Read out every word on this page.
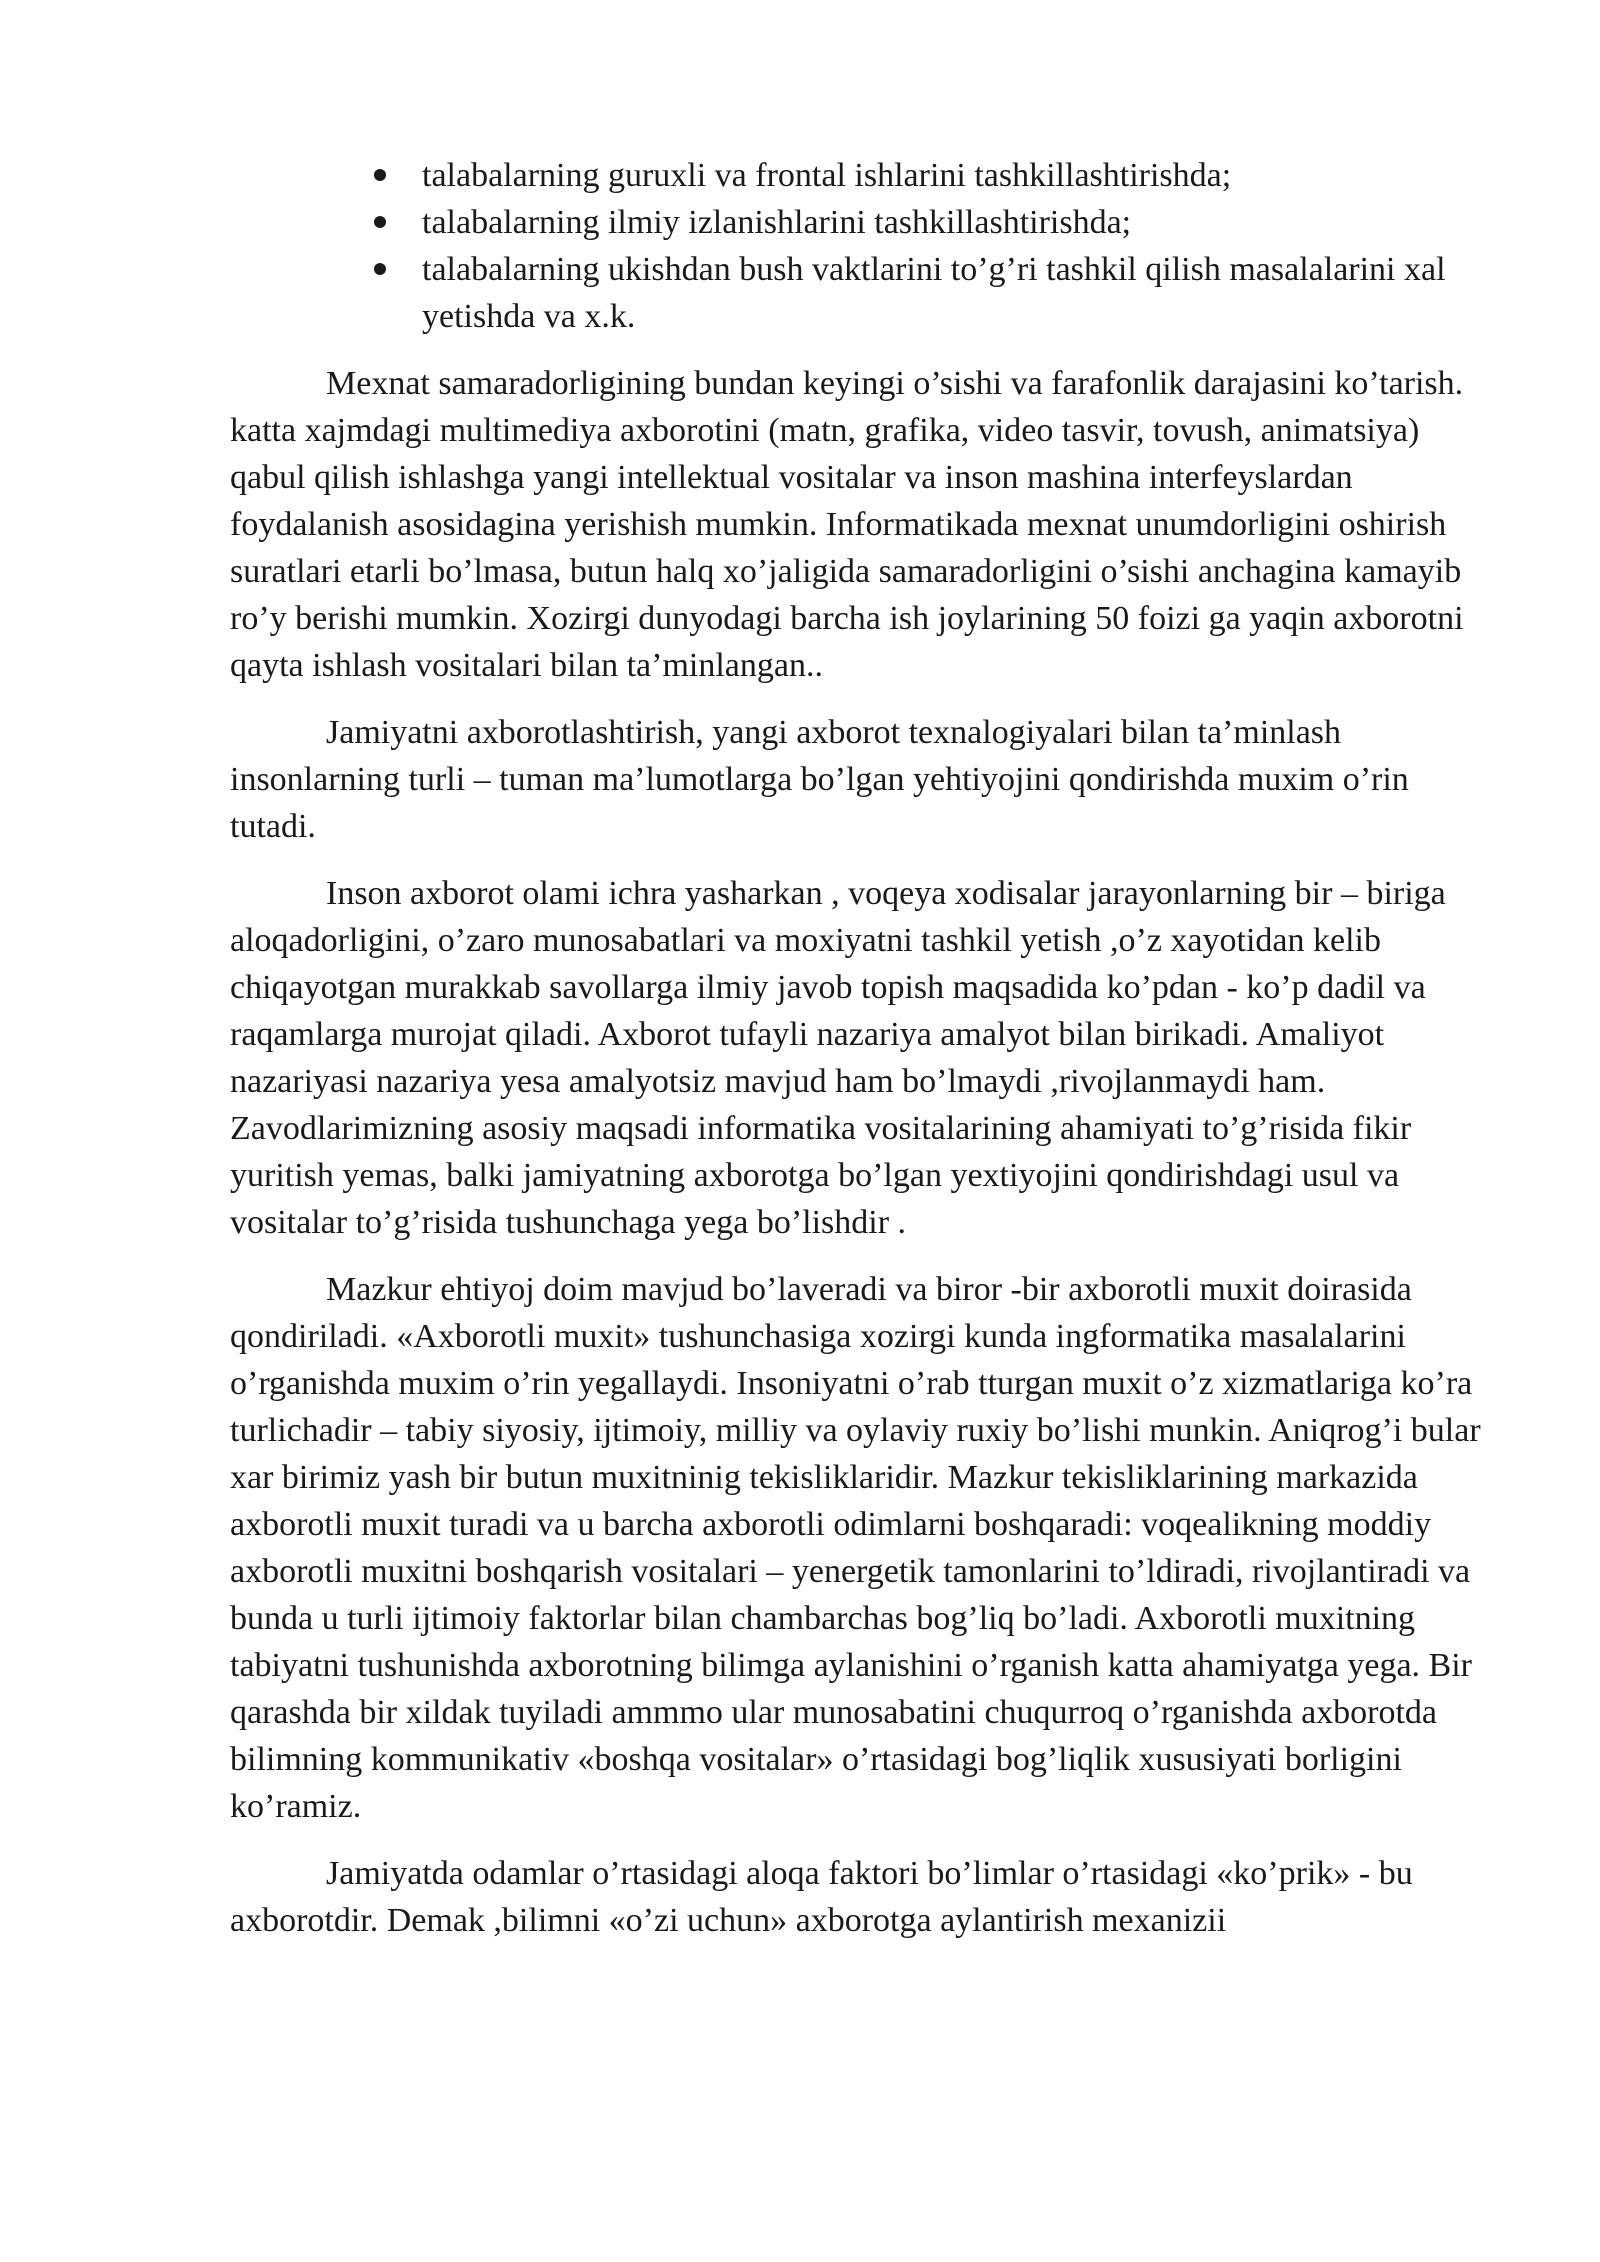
talabalarning guruxli va frontal ishlarini tashkillashtirishda;
talabalarning ilmiy izlanishlarini tashkillashtirishda;
talabalarning ukishdan bush vaktlarini to’g’ri tashkil qilish masalalarini xal yetishda va x.k.

Mexnat samaradorligining bundan keyingi o’sishi va farafonlik darajasini ko’tarish. katta xajmdagi multimediya axborotini (matn, grafika, video tasvir, tovush, animatsiya) qabul qilish ishlashga yangi intellektual vositalar va inson mashina interfeyslardan foydalanish asosidagina yerishish mumkin. Informatikada mexnat unumdorligini oshirish suratlari etarli bo’lmasa, butun halq xo’jaligida samaradorligini o’sishi anchagina kamayib ro’y berishi mumkin. Xozirgi dunyodagi barcha ish joylarining 50 foizi ga yaqin axborotni qayta ishlash vositalari bilan ta’minlangan..

Jamiyatni axborotlashtirish, yangi axborot texnalogiyalari bilan ta’minlash insonlarning turli – tuman ma’lumotlarga bo’lgan yehtiyojini qondirishda muxim o’rin tutadi.

Inson axborot olami ichra yasharkan , voqeya xodisalar jarayonlarning bir – biriga aloqadorligini, o’zaro munosabatlari va moxiyatni tashkil yetish ,o’z xayotidan kelib chiqayotgan murakkab savollarga ilmiy javob topish maqsadida ko’pdan - ko’p dadil va raqamlarga murojat qiladi. Axborot tufayli nazariya amalyot bilan birikadi. Amaliyot nazariyasi nazariya yesa amalyotsiz mavjud ham bo’lmaydi ,rivojlanmaydi ham. Zavodlarimizning asosiy maqsadi informatika vositalarining ahamiyati to’g’risida fikir yuritish yemas, balki jamiyatning axborotga bo’lgan yextiyojini qondirishdagi usul va vositalar to’g’risida tushunchaga yega bo’lishdir .

Mazkur ehtiyoj doim mavjud bo’laveradi va biror -bir axborotli muxit doirasida qondiriladi. «Axborotli muxit» tushunchasiga xozirgi kunda ingformatika masalalarini o’rganishda muxim o’rin yegallaydi. Insoniyatni o’rab tturgan muxit o’z xizmatlariga ko’ra turlichadir – tabiy siyosiy, ijtimoiy, milliy va oylaviy ruxiy bo’lishi munkin. Aniqrog’i bular xar birimiz yash bir butun muxitninig tekisliklaridir. Mazkur tekisliklarining markazida axborotli muxit turadi va u barcha axborotli odimlarni boshqaradi: voqealikning moddiy axborotli muxitni boshqarish vositalari – yenergetik tamonlarini to’ldiradi, rivojlantiradi va bunda u turli ijtimoiy faktorlar bilan chambarchas bog’liq bo’ladi. Axborotli muxitning tabiyatni tushunishda axborotning bilimga aylanishini o’rganish katta ahamiyatga yega. Bir qarashda bir xildak tuyiladi ammmo ular munosabatini chuqurroq o’rganishda axborotda bilimning kommunikativ «boshqa vositalar» o’rtasidagi bog’liqlik xususiyati borligini ko’ramiz.

Jamiyatda odamlar o’rtasidagi aloqa faktori bo’limlar o’rtasidagi «ko’prik» - bu axborotdir. Demak ,bilimni «o’zi uchun» axborotga aylantirish mexanizii
